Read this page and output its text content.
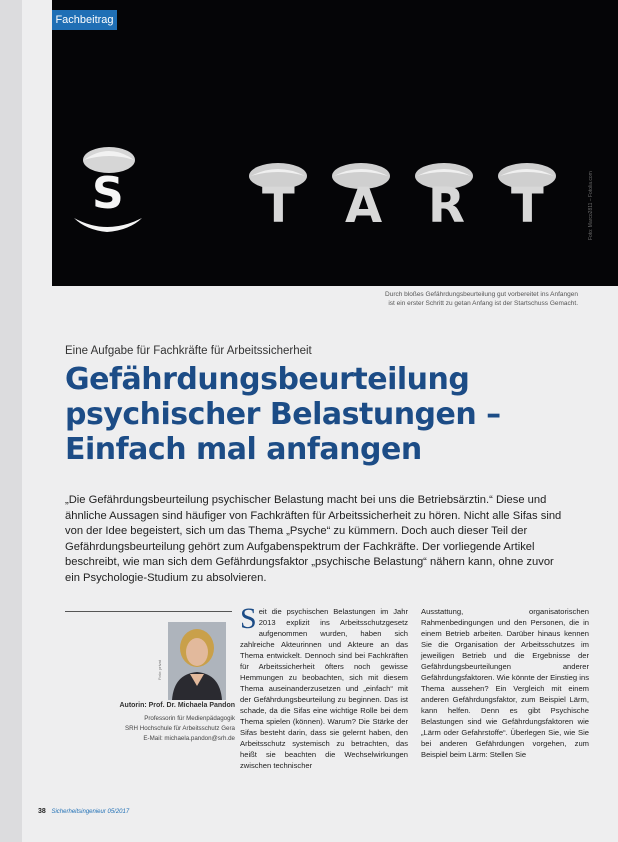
Fachbeitrag
Foto: Marco2811 – Fotolia.com
S	T A R T
Durch bloßes Gefährdungsbeurteilung gut vorbereitet ins Anfangen
ist ein erster Schritt zu getan Anfang ist der Startschuss Gemacht.
Eine Aufgabe für Fachkräfte für Arbeitssicherheit
Gefährdungsbeurteilung
psychischer Belastungen –
Einfach mal anfangen
„Die Gefährdungsbeurteilung psychischer Belastung macht bei uns die Betriebsärztin.“ Diese und ähnliche Aussagen sind häufiger von Fachkräften für Arbeitssicherheit zu hören. Nicht alle Sifas sind von der Idee begeistert, sich um das Thema „Psyche“ zu kümmern. Doch auch dieser Teil der Gefährdungsbeurteilung gehört zum Aufgabenspektrum der Fachkräfte. Der vorliegende Artikel beschreibt, wie man sich dem Gefährdungsfaktor „psychische Belastung“ nähern kann, ohne zuvor ein Psychologie-Studium zu absolvieren.
Foto: privat
Autorin: Prof. Dr. Michaela Pandon
Professorin für Medienpädagogik
SRH Hochschule für Arbeitsschutz Gera
E-Mail: michaela.pandon@srh.de
S eit die psychischen Belastungen im Jahr 2013 explizit ins Arbeitsschutzgesetz aufgenommen wurden, haben sich zahlreiche Akteurinnen und Akteure an das Thema entwickelt. Dennoch sind bei Fachkräften für Arbeitssicherheit öfters noch gewisse Hemmungen zu beobachten, sich mit diesem Thema auseinanderzusetzen und „einfach“ mit der Gefährdungsbeurteilung zu beginnen. Das ist schade, da die Sifas eine wichtige Rolle bei dem Thema spielen (können). Warum? Die Stärke der Sifas besteht darin, dass sie gelernt haben, den Arbeitsschutz systemisch zu betrachten, das heißt sie beachten die Wechselwirkungen zwischen technischer
Ausstattung, organisatorischen Rahmenbedingungen und den Personen, die in einem Betrieb arbeiten. Darüber hinaus kennen Sie die Organisation der Arbeitsschutzes im jeweiligen Betrieb und die Ergebnisse der Gefährdungsbeurteilungen anderer Gefährdungsfaktoren. Wie könnte der Einstieg ins Thema aussehen? Ein Vergleich mit einem anderen Gefährdungsfaktor, zum Beispiel Lärm, kann helfen. Denn es gibt Psychische Belastungen sind wie Gefährdungsfaktoren wie „Lärm oder Gefahrstoffe“. Überlegen Sie, wie Sie bei anderen Gefährdungen vorgehen, zum Beispiel beim Lärm: Stellen Sie
38 Sicherheitsingenieur 05/2017
